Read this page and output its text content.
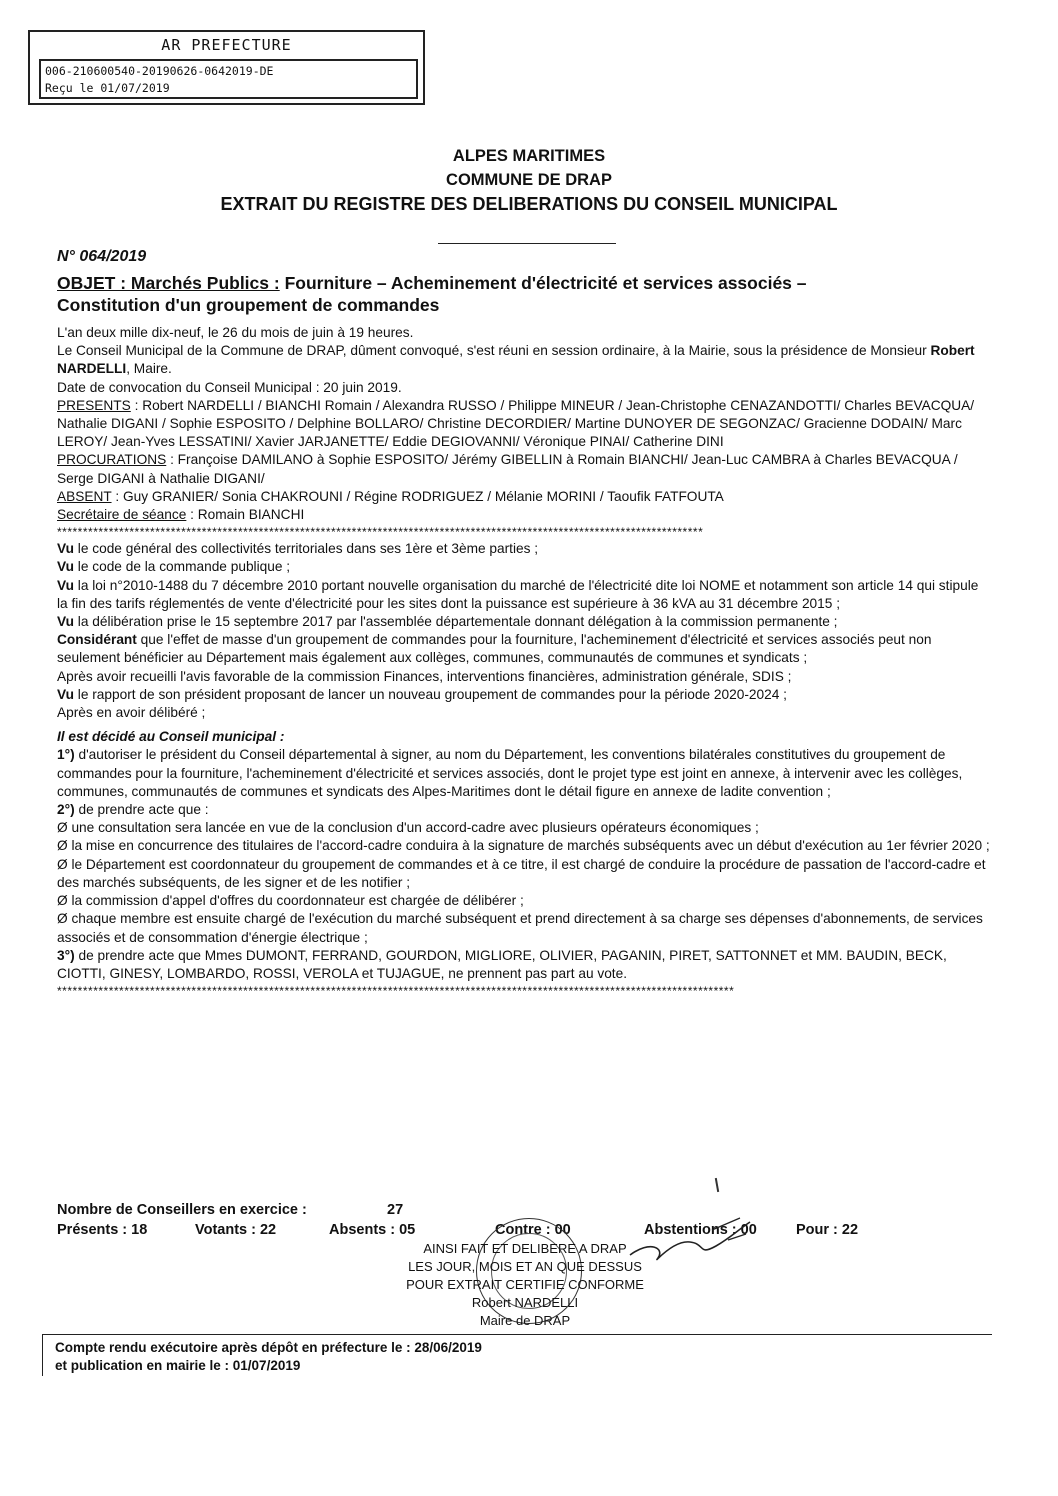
AR PREFECTURE
006-210600540-20190626-0642019-DE
Reçu le 01/07/2019
ALPES MARITIMES
COMMUNE DE DRAP
EXTRAIT DU REGISTRE DES DELIBERATIONS DU CONSEIL MUNICIPAL
N° 064/2019
OBJET : Marchés Publics : Fourniture – Acheminement d'électricité et services associés –
Constitution d'un groupement de commandes

L'an deux mille dix-neuf, le 26 du mois de juin à 19 heures.

Le Conseil Municipal de la Commune de DRAP, dûment convoqué, s'est réuni en session ordinaire, à la Mairie, sous la présidence de Monsieur Robert NARDELLI, Maire.

Date de convocation du Conseil Municipal : 20 juin 2019.

PRESENTS : Robert NARDELLI / BIANCHI Romain / Alexandra RUSSO / Philippe MINEUR / Jean-Christophe CENAZANDOTTI/ Charles BEVACQUA/ Nathalie DIGANI / Sophie ESPOSITO / Delphine BOLLARO/ Christine DECORDIER/ Martine DUNOYER DE SEGONZAC/ Gracienne DODAIN/ Marc LEROY/ Jean-Yves LESSATINI/ Xavier JARJANETTE/ Eddie DEGIOVANNI/ Véronique PINAI/ Catherine DINI

PROCURATIONS : Françoise DAMILANO à Sophie ESPOSITO/ Jérémy GIBELLIN à Romain BIANCHI/ Jean-Luc CAMBRA à Charles BEVACQUA / Serge DIGANI à Nathalie DIGANI/

ABSENT : Guy GRANIER/ Sonia CHAKROUNI / Régine RODRIGUEZ / Mélanie MORINI / Taoufik FATFOUTA

Secrétaire de séance : Romain BIANCHI

*****************************************************************************************************************************

Vu le code général des collectivités territoriales dans ses 1ère et 3ème parties ;

Vu le code de la commande publique ;

Vu la loi n°2010-1488 du 7 décembre 2010 portant nouvelle organisation du marché de l'électricité dite loi NOME et notamment son article 14 qui stipule la fin des tarifs réglementés de vente d'électricité pour les sites dont la puissance est supérieure à 36 kVA au 31 décembre 2015 ;

Vu la délibération prise le 15 septembre 2017 par l'assemblée départementale donnant délégation à la commission permanente ;

Considérant que l'effet de masse d'un groupement de commandes pour la fourniture, l'acheminement d'électricité et services associés peut non seulement bénéficier au Département mais également aux collèges, communes, communautés de communes et syndicats ;

Après avoir recueilli l'avis favorable de la commission Finances, interventions financières, administration générale, SDIS ;

Vu le rapport de son président proposant de lancer un nouveau groupement de commandes pour la période 2020-2024 ;

Après en avoir délibéré ;

Il est décidé au Conseil municipal :

1°) d'autoriser le président du Conseil départemental à signer, au nom du Département, les conventions bilatérales constitutives du groupement de commandes pour la fourniture, l'acheminement d'électricité et services associés, dont le projet type est joint en annexe, à intervenir avec les collèges, communes, communautés de communes et syndicats des Alpes-Maritimes dont le détail figure en annexe de ladite convention ;

2°) de prendre acte que :

Ø une consultation sera lancée en vue de la conclusion d'un accord-cadre avec plusieurs opérateurs économiques ;

Ø la mise en concurrence des titulaires de l'accord-cadre conduira à la signature de marchés subséquents avec un début d'exécution au 1er février 2020 ;

Ø le Département est coordonnateur du groupement de commandes et à ce titre, il est chargé de conduire la procédure de passation de l'accord-cadre et des marchés subséquents, de les signer et de les notifier ;

Ø la commission d'appel d'offres du coordonnateur est chargée de délibérer ;

Ø chaque membre est ensuite chargé de l'exécution du marché subséquent et prend directement à sa charge ses dépenses d'abonnements, de services associés et de consommation d'énergie électrique ;

3°) de prendre acte que Mmes DUMONT, FERRAND, GOURDON, MIGLIORE, OLIVIER, PAGANIN, PIRET, SATTONNET et MM. BAUDIN, BECK, CIOTTI, GINESY, LOMBARDO, ROSSI, VEROLA et TUJAGUE, ne prennent pas part au vote.

***********************************************************************************************************************************

Nombre de Conseillers en exercice :	27
Présents : 18	Votants : 22	Absents : 05	Contre : 00	Abstentions : 00	Pour : 22
AINSI FAIT ET DELIBERE A DRAP
LES JOUR, MOIS ET AN QUE DESSUS
POUR EXTRAIT CERTIFIE CONFORME
Robert NARDELLI
Maire de DRAP
Compte rendu exécutoire après dépôt en préfecture le : 28/06/2019
et publication en mairie le : 01/07/2019
